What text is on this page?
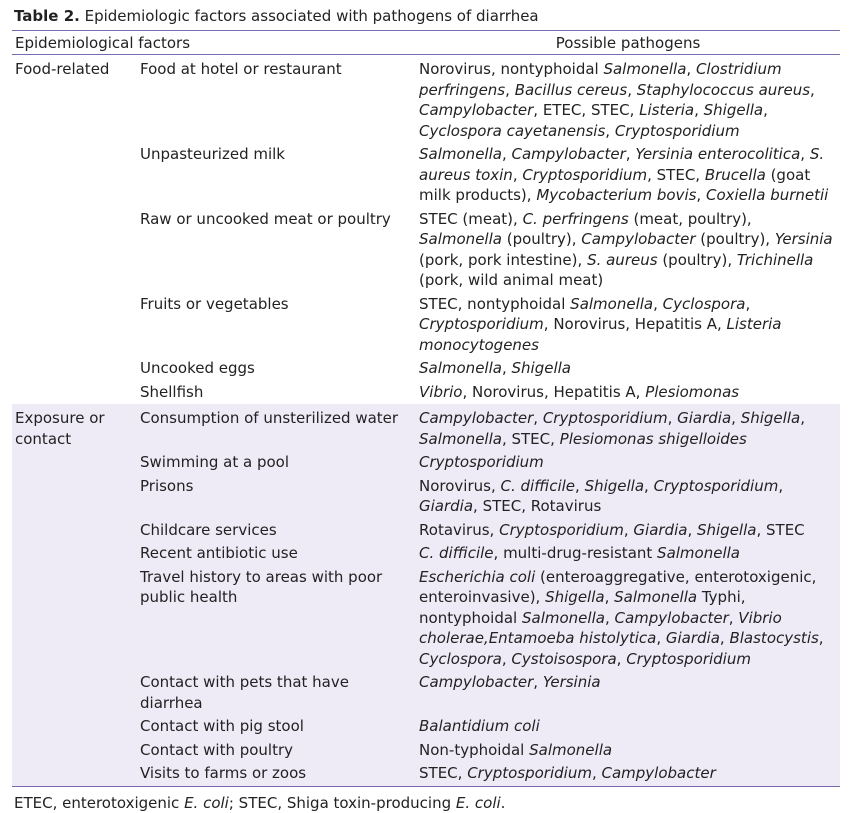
Table 2. Epidemiologic factors associated with pathogens of diarrhea
Epidemiological factors		Possible pathogens
Food-related	Food at hotel or restaurant	Norovirus, nontyphoidal Salmonella, Clostridium perfringens, Bacillus cereus, Staphylococcus aureus, Campylobacter, ETEC, STEC, Listeria, Shigella, Cyclospora cayetanensis, Cryptosporidium
	Unpasteurized milk	Salmonella, Campylobacter, Yersinia enterocolitica, S. aureus toxin, Cryptosporidium, STEC, Brucella (goat milk products), Mycobacterium bovis, Coxiella burnetii
	Raw or uncooked meat or poultry	STEC (meat), C. perfringens (meat, poultry), Salmonella (poultry), Campylobacter (poultry), Yersinia (pork, pork intestine), S. aureus (poultry), Trichinella (pork, wild animal meat)
	Fruits or vegetables	STEC, nontyphoidal Salmonella, Cyclospora, Cryptosporidium, Norovirus, Hepatitis A, Listeria monocytogenes
	Uncooked eggs	Salmonella, Shigella
	Shellfish	Vibrio, Norovirus, Hepatitis A, Plesiomonas
Exposure or contact	Consumption of unsterilized water	Campylobacter, Cryptosporidium, Giardia, Shigella, Salmonella, STEC, Plesiomonas shigelloides
	Swimming at a pool	Cryptosporidium
	Prisons	Norovirus, C. difficile, Shigella, Cryptosporidium, Giardia, STEC, Rotavirus
	Childcare services	Rotavirus, Cryptosporidium, Giardia, Shigella, STEC
	Recent antibiotic use	C. difficile, multi-drug-resistant Salmonella
	Travel history to areas with poor public health	Escherichia coli (enteroaggregative, enterotoxigenic, enteroinvasive), Shigella, Salmonella Typhi, nontyphoidal Salmonella, Campylobacter, Vibrio cholerae,Entamoeba histolytica, Giardia, Blastocystis, Cyclospora, Cystoisospora, Cryptosporidium
	Contact with pets that have diarrhea	Campylobacter, Yersinia
	Contact with pig stool	Balantidium coli
	Contact with poultry	Non-typhoidal Salmonella
	Visits to farms or zoos	STEC, Cryptosporidium, Campylobacter
ETEC, enterotoxigenic E. coli; STEC, Shiga toxin-producing E. coli.
